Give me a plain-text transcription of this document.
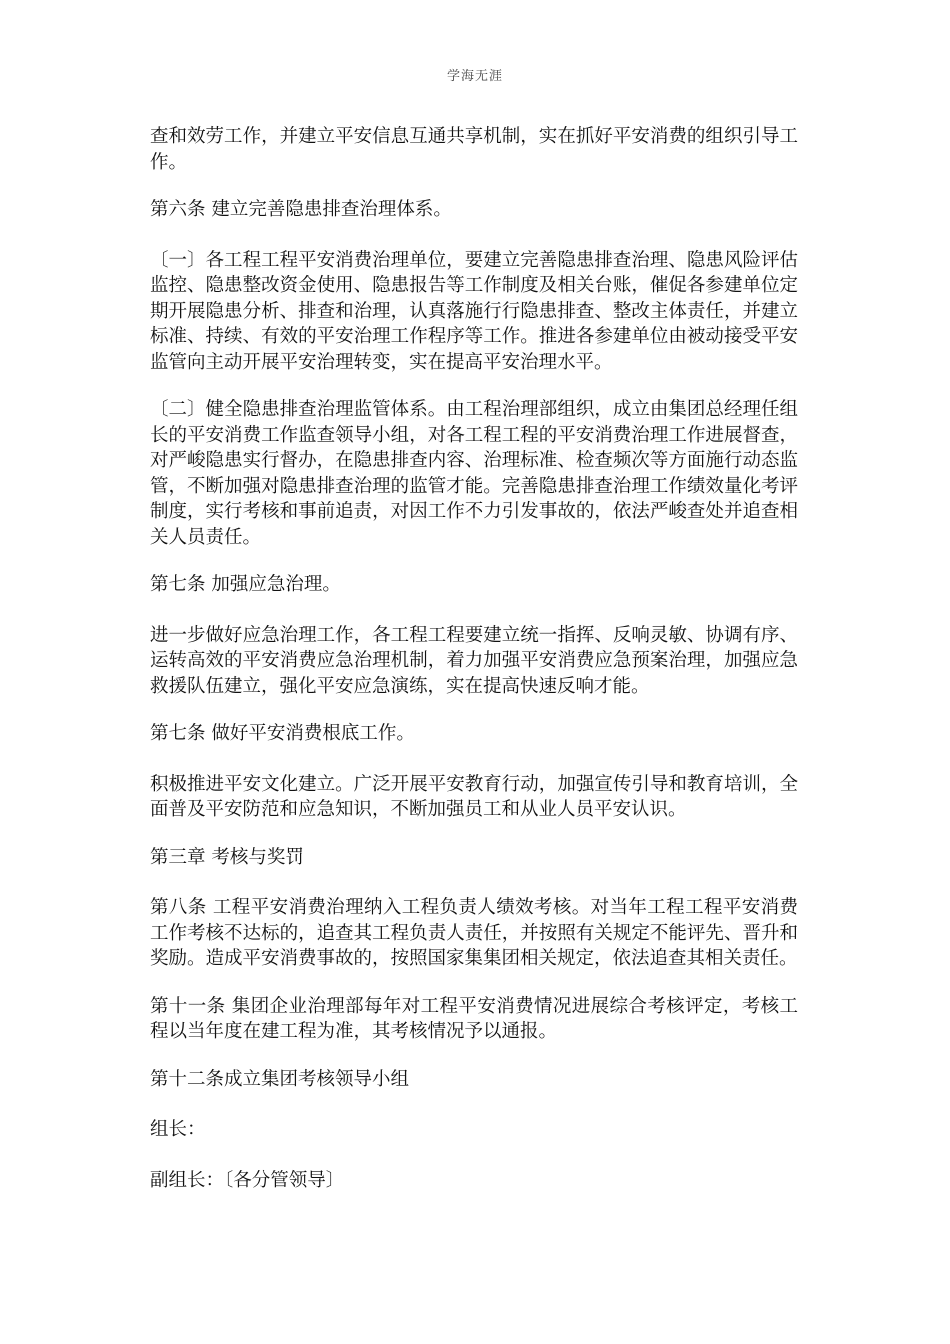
学海无涯

查和效劳工作，并建立平安信息互通共享机制，实在抓好平安消费的组织引导工作。

第六条 建立完善隐患排查治理体系。

〔一〕各工程工程平安消费治理单位，要建立完善隐患排查治理、隐患风险评估监控、隐患整改资金使用、隐患报告等工作制度及相关台账，催促各参建单位定期开展隐患分析、排查和治理，认真落施行行隐患排查、整改主体责任，并建立标准、持续、有效的平安治理工作程序等工作。推进各参建单位由被动接受平安监管向主动开展平安治理转变，实在提高平安治理水平。

〔二〕健全隐患排查治理监管体系。由工程治理部组织，成立由集团总经理任组长的平安消费工作监查领导小组，对各工程工程的平安消费治理工作进展督查，对严峻隐患实行督办，在隐患排查内容、治理标准、检查频次等方面施行动态监管，不断加强对隐患排查治理的监管才能。完善隐患排查治理工作绩效量化考评制度，实行考核和事前追责，对因工作不力引发事故的，依法严峻查处并追查相关人员责任。

第七条 加强应急治理。

进一步做好应急治理工作，各工程工程要建立统一指挥、反响灵敏、协调有序、运转高效的平安消费应急治理机制，着力加强平安消费应急预案治理，加强应急救援队伍建立，强化平安应急演练，实在提高快速反响才能。

第七条 做好平安消费根底工作。

积极推进平安文化建立。广泛开展平安教育行动，加强宣传引导和教育培训，全面普及平安防范和应急知识，不断加强员工和从业人员平安认识。

第三章 考核与奖罚

第八条 工程平安消费治理纳入工程负责人绩效考核。对当年工程工程平安消费工作考核不达标的，追查其工程负责人责任，并按照有关规定不能评先、晋升和奖励。造成平安消费事故的，按照国家集集团相关规定，依法追查其相关责任。

第十一条 集团企业治理部每年对工程平安消费情况进展综合考核评定，考核工程以当年度在建工程为准，其考核情况予以通报。

第十二条成立集团考核领导小组

组长：

副组长：〔各分管领导〕
